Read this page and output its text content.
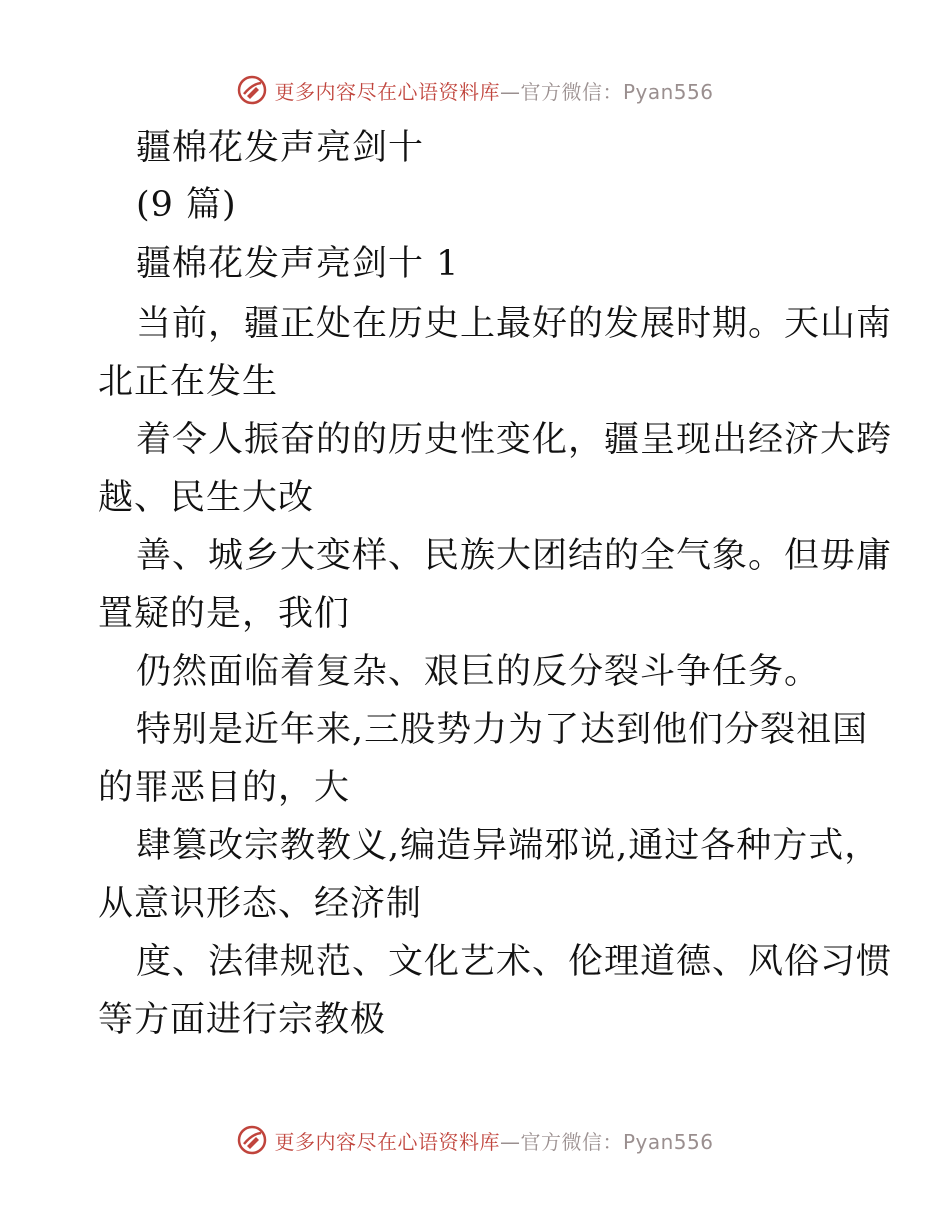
更多内容尽在心语资料库—官方微信：Pyan556
疆棉花发声亮剑十
(9 篇)
疆棉花发声亮剑十 1
当前，疆正处在历史上最好的发展时期。天山南
北正在发生
着令人振奋的的历史性变化，疆呈现出经济大跨
越、民生大改
善、城乡大变样、民族大团结的全气象。但毋庸
置疑的是，我们
仍然面临着复杂、艰巨的反分裂斗争任务。
特别是近年来,三股势力为了达到他们分裂祖国
的罪恶目的，大
肆篡改宗教教义,编造异端邪说,通过各种方式，
从意识形态、经济制
度、法律规范、文化艺术、伦理道德、风俗习惯
等方面进行宗教极
更多内容尽在心语资料库—官方微信：Pyan556
